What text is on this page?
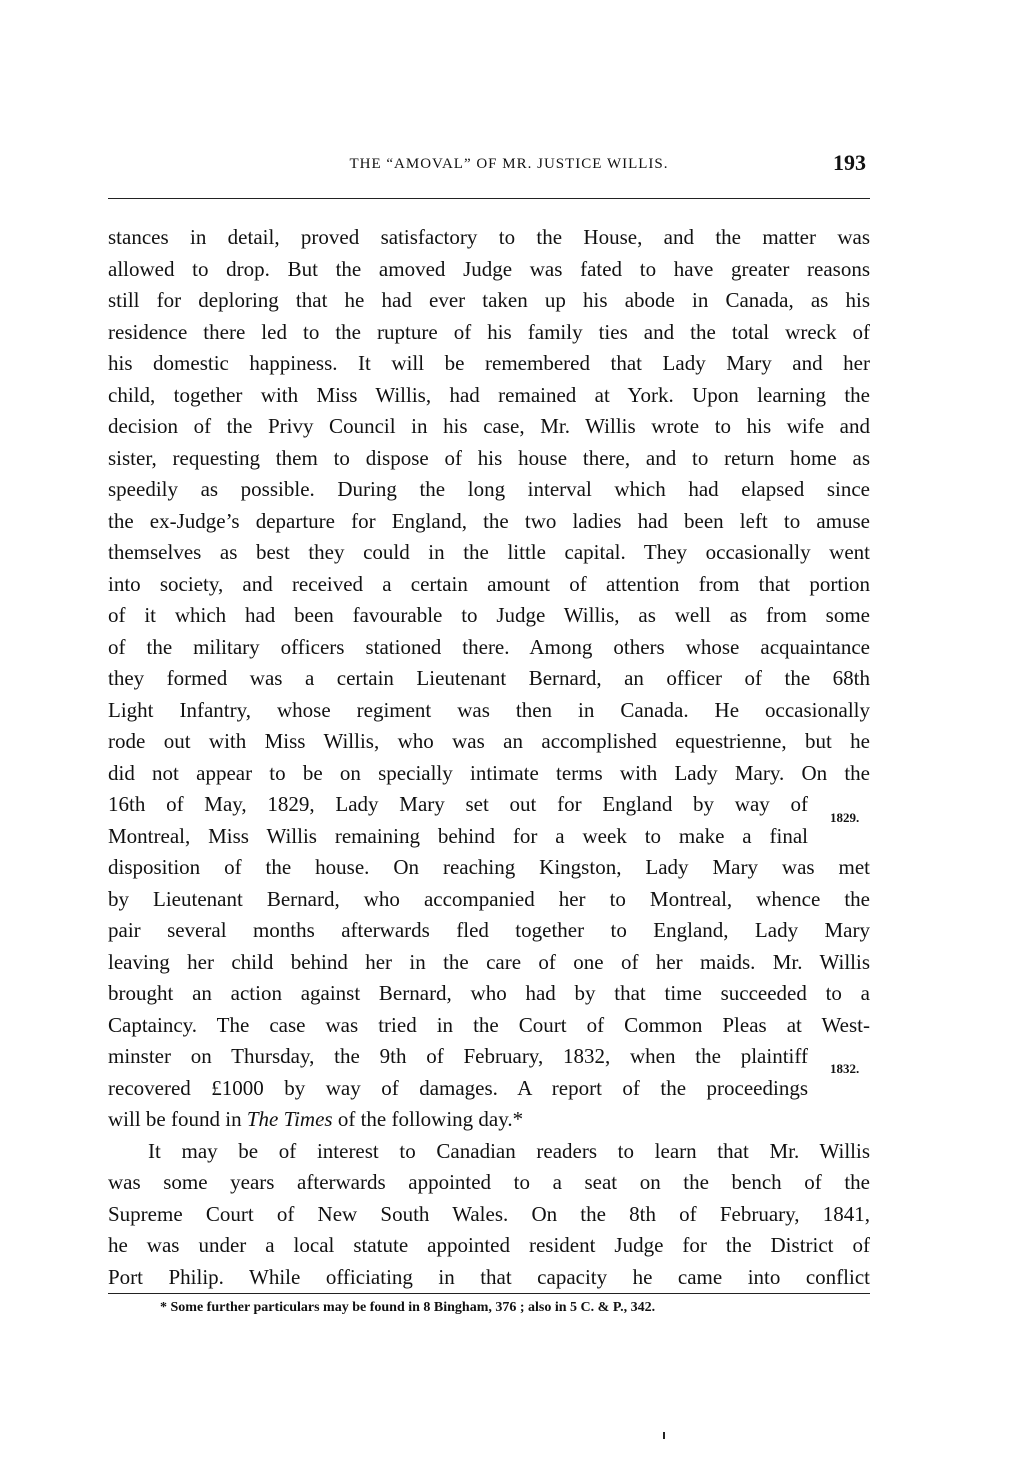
THE “AMOVAL” OF MR. JUSTICE WILLIS.	193
stances in detail, proved satisfactory to the House, and the matter was
allowed to drop. But the amoved Judge was fated to have greater reasons
still for deploring that he had ever taken up his abode in Canada, as his
residence there led to the rupture of his family ties and the total wreck of
his domestic happiness. It will be remembered that Lady Mary and her
child, together with Miss Willis, had remained at York. Upon learning the
decision of the Privy Council in his case, Mr. Willis wrote to his wife and
sister, requesting them to dispose of his house there, and to return home as
speedily as possible. During the long interval which had elapsed since
the ex-Judge’s departure for England, the two ladies had been left to amuse
themselves as best they could in the little capital. They occasionally went
into society, and received a certain amount of attention from that portion
of it which had been favourable to Judge Willis, as well as from some
of the military officers stationed there. Among others whose acquaintance
they formed was a certain Lieutenant Bernard, an officer of the 68th
Light Infantry, whose regiment was then in Canada. He occasionally
rode out with Miss Willis, who was an accomplished equestrienne, but he
did not appear to be on specially intimate terms with Lady Mary. On the
16th of May, 1829, Lady Mary set out for England by way of
Montreal, Miss Willis remaining behind for a week to make a final
disposition of the house. On reaching Kingston, Lady Mary was met
by Lieutenant Bernard, who accompanied her to Montreal, whence the
pair several months afterwards fled together to England, Lady Mary
leaving her child behind her in the care of one of her maids. Mr. Willis
brought an action against Bernard, who had by that time succeeded to a
Captaincy. The case was tried in the Court of Common Pleas at West-
minster on Thursday, the 9th of February, 1832, when the plaintiff
recovered £1000 by way of damages. A report of the proceedings
will be found in The Times of the following day.*
It may be of interest to Canadian readers to learn that Mr. Willis
was some years afterwards appointed to a seat on the bench of the
Supreme Court of New South Wales. On the 8th of February, 1841,
he was under a local statute appointed resident Judge for the District of
Port Philip. While officiating in that capacity he came into conflict
1829.
1832.
* Some further particulars may be found in 8 Bingham, 376 ; also in 5 C. & P., 342.
